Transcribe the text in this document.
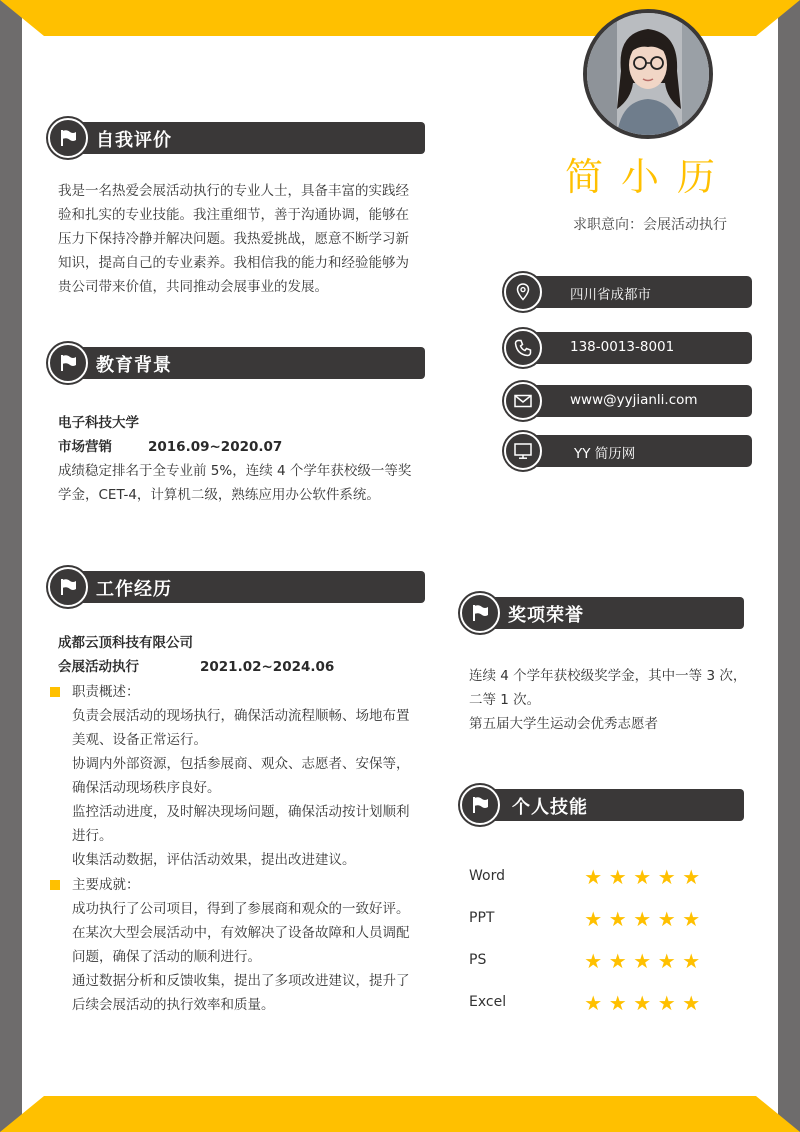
简小历
求职意向：会展活动执行
四川省成都市
138-0013-8001
www@yyjianli.com
YY 简历网
自我评价
我是一名热爱会展活动执行的专业人士，具备丰富的实践经
验和扎实的专业技能。我注重细节，善于沟通协调，能够在
压力下保持冷静并解决问题。我热爱挑战，愿意不断学习新
知识，提高自己的专业素养。我相信我的能力和经验能够为
贵公司带来价值，共同推动会展事业的发展。
教育背景
电子科技大学
市场营销	2016.09~2020.07
成绩稳定排名于全专业前 5%，连续 4 个学年获校级一等奖
学金，CET-4，计算机二级，熟练应用办公软件系统。
工作经历
成都云顶科技有限公司
会展活动执行	2021.02~2024.06
职责概述：
负责会展活动的现场执行，确保活动流程顺畅、场地布置
美观、设备正常运行。
协调内外部资源，包括参展商、观众、志愿者、安保等，
确保活动现场秩序良好。
监控活动进度，及时解决现场问题，确保活动按计划顺利
进行。
收集活动数据，评估活动效果，提出改进建议。
主要成就：
成功执行了公司项目，得到了参展商和观众的一致好评。
在某次大型会展活动中，有效解决了设备故障和人员调配
问题，确保了活动的顺利进行。
通过数据分析和反馈收集，提出了多项改进建议，提升了
后续会展活动的执行效率和质量。
奖项荣誉
连续 4 个学年获校级奖学金，其中一等 3 次，
二等 1 次。
第五届大学生运动会优秀志愿者
个人技能
Word	★ ★ ★ ★ ★
PPT	★ ★ ★ ★ ★
PS	★ ★ ★ ★ ★
Excel	★ ★ ★ ★ ★
